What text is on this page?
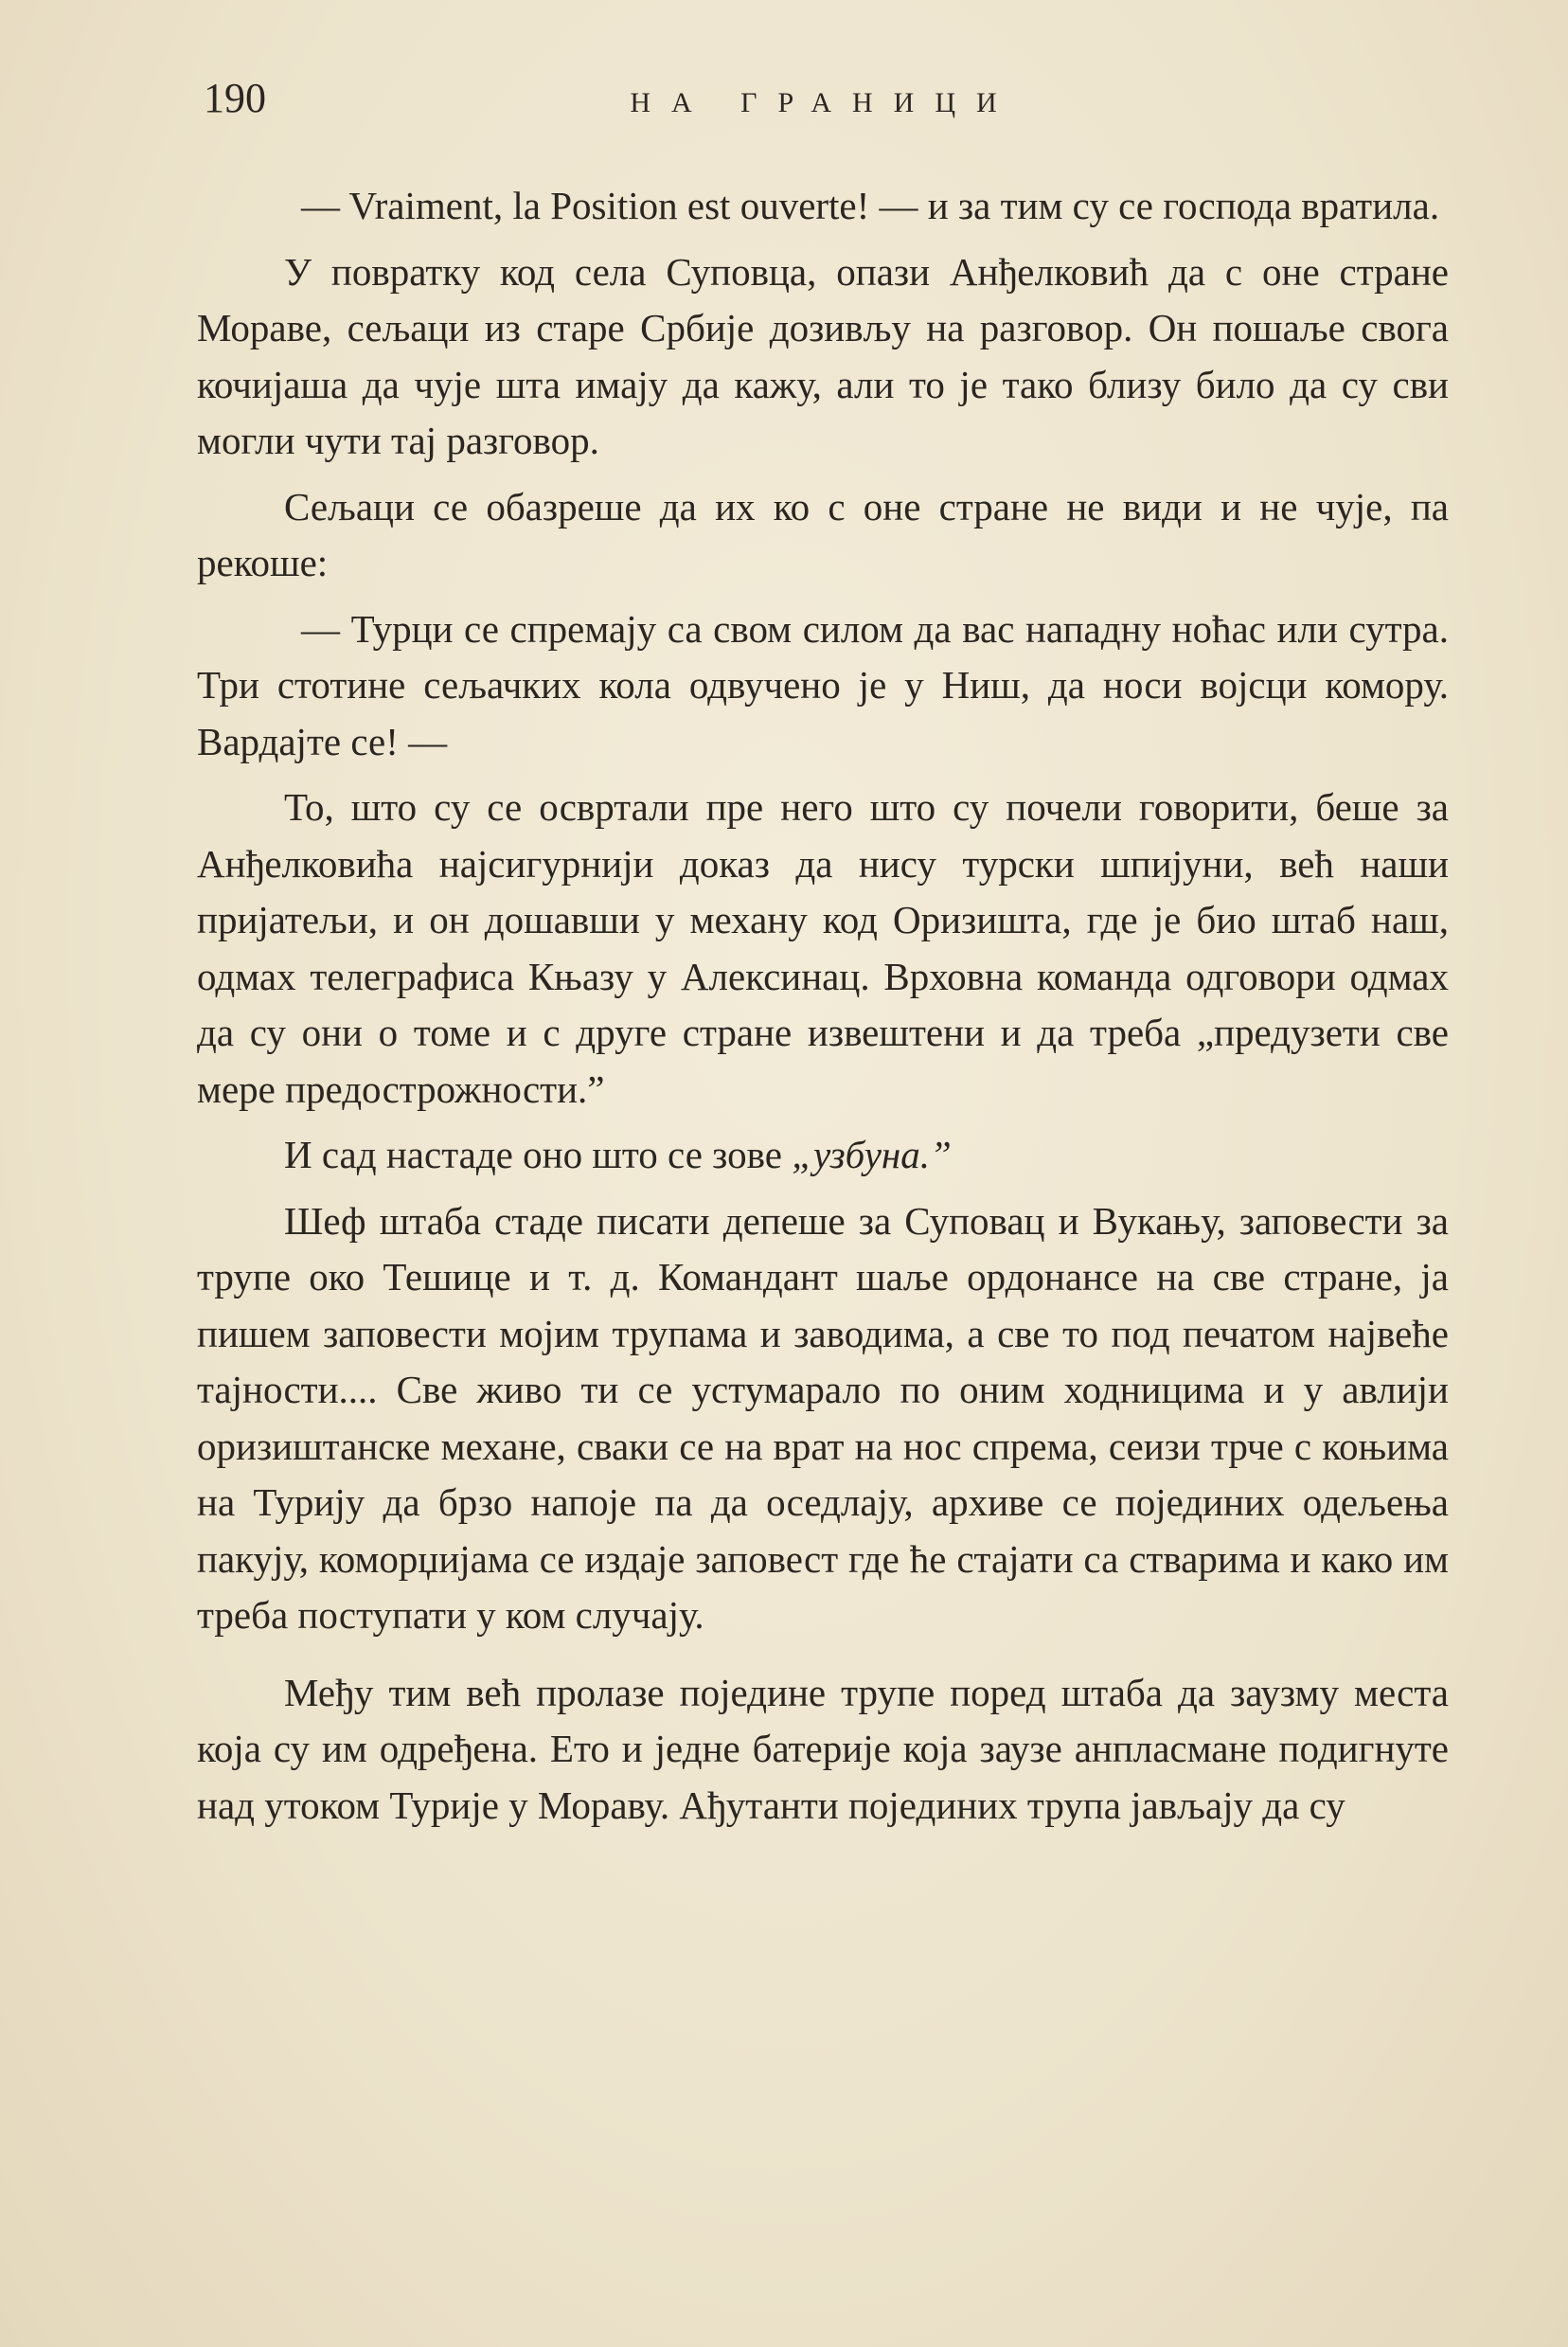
190	НА ГРАНИЦИ

— Vraiment, la Position est ouverte! — и за тим су се господа вратила.

У повратку код села Суповца, опази Анђелковић да с оне стране Мораве, сељаци из старе Србије дозивљу на разговор. Он пошаље свога кочијаша да чује шта имају да кажу, али то је тако близу било да су сви могли чути тај разговор.

Сељаци се обазреше да их ко с оне стране не види и не чује, па рекоше:

— Турци се спремају са свом силом да вас нападну ноћас или сутра. Три стотине сељачких кола одвучено је у Ниш, да носи војсци комору. Вардајте се! —

То, што су се освртали пре него што су почели говорити, беше за Анђелковића најсигурнији доказ да нису турски шпијуни, већ наши пријатељи, и он дошавши у механу код Оризишта, где је био штаб наш, одмах телеграфиса Књазу у Алексинац. Врховна команда одговори одмах да су они о томе и с друге стране извештени и да треба „предузети све мере предострожности.”

И сад настаде оно што се зове „узбуна.”

Шеф штаба стаде писати депеше за Суповац и Вукању, заповести за трупе око Тешице и т. д. Командант шаље ордонансе на све стране, ја пишем заповести мојим трупама и заводима, а све то под печатом највеће тајности.... Све живо ти се устумарало по оним ходницима и у авлији оризиштанске механе, сваки се на врат на нос спрема, сеизи трче с коњима на Турију да брзо напоје па да оседлају, архиве се појединих одељења пакују, коморџијама се издаје заповест где ће стајати са стварима и како им треба поступати у ком случају.

Међу тим већ пролазе поједине трупе поред штаба да заузму места која су им одређена. Ето и једне батерије која заузе анпласмане подигнуте над утоком Турије у Мораву. Ађутанти појединих трупа јављају да су
